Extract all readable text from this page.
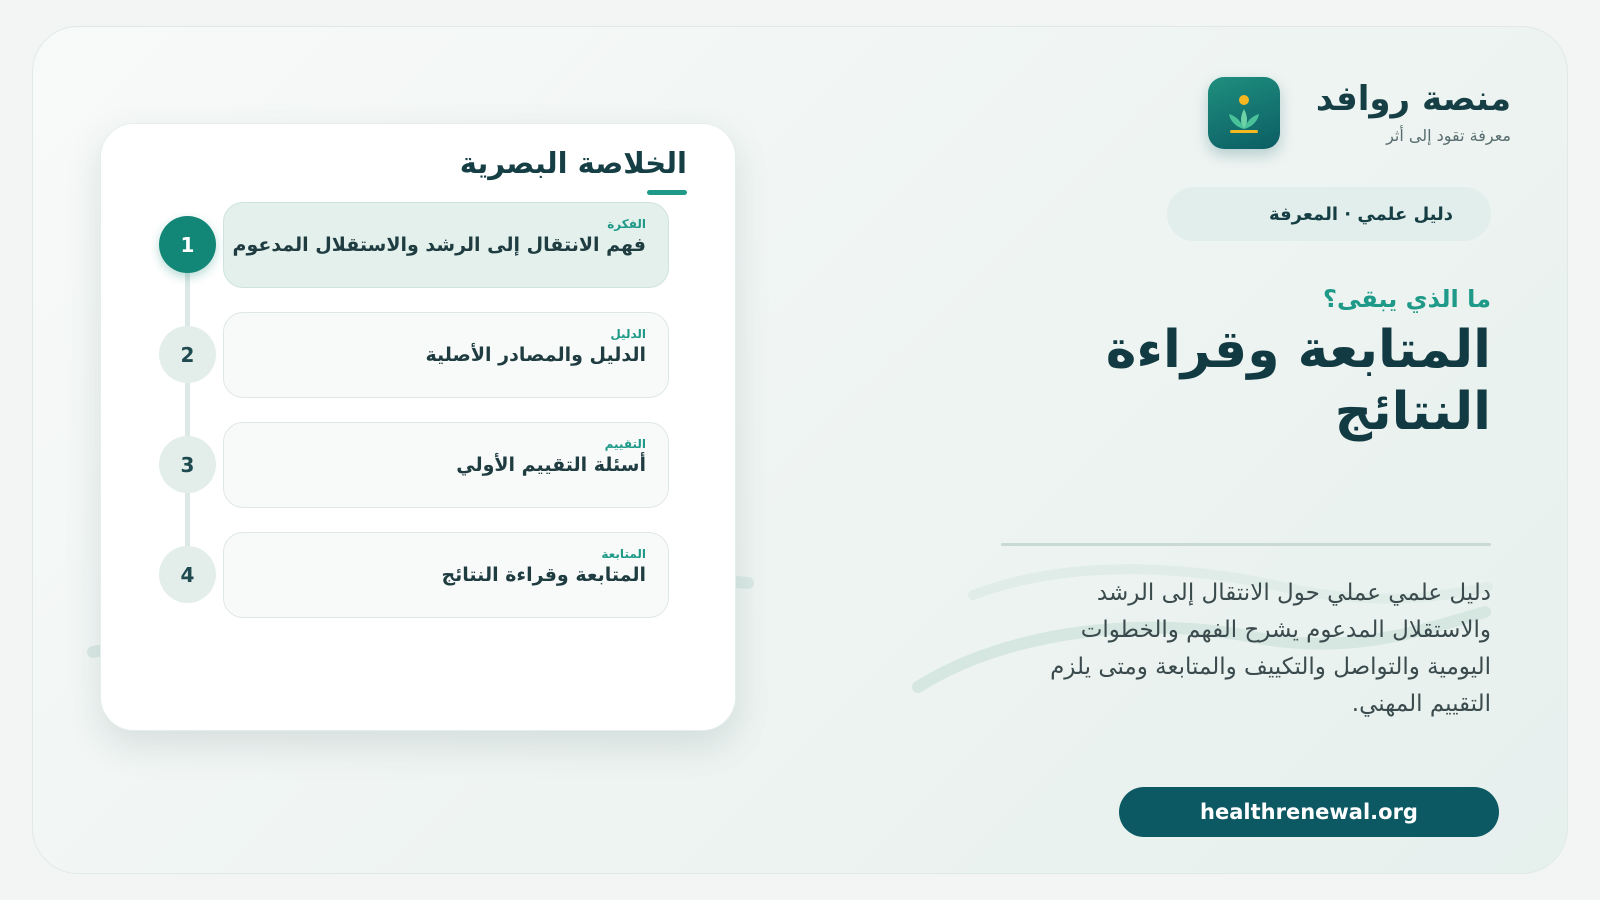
منصة روافد
معرفة تقود إلى أثر
دليل علمي · المعرفة
ما الذي يبقى؟
المتابعة وقراءة النتائج
دليل علمي عملي حول الانتقال إلى الرشد والاستقلال المدعوم يشرح الفهم والخطوات اليومية والتواصل والتكييف والمتابعة ومتى يلزم التقييم المهني.
healthrenewal.org
الخلاصة البصرية
1
الفكرة
فهم الانتقال إلى الرشد والاستقلال المدعوم
2
الدليل
الدليل والمصادر الأصلية
3
التقييم
أسئلة التقييم الأولي
4
المتابعة
المتابعة وقراءة النتائج
